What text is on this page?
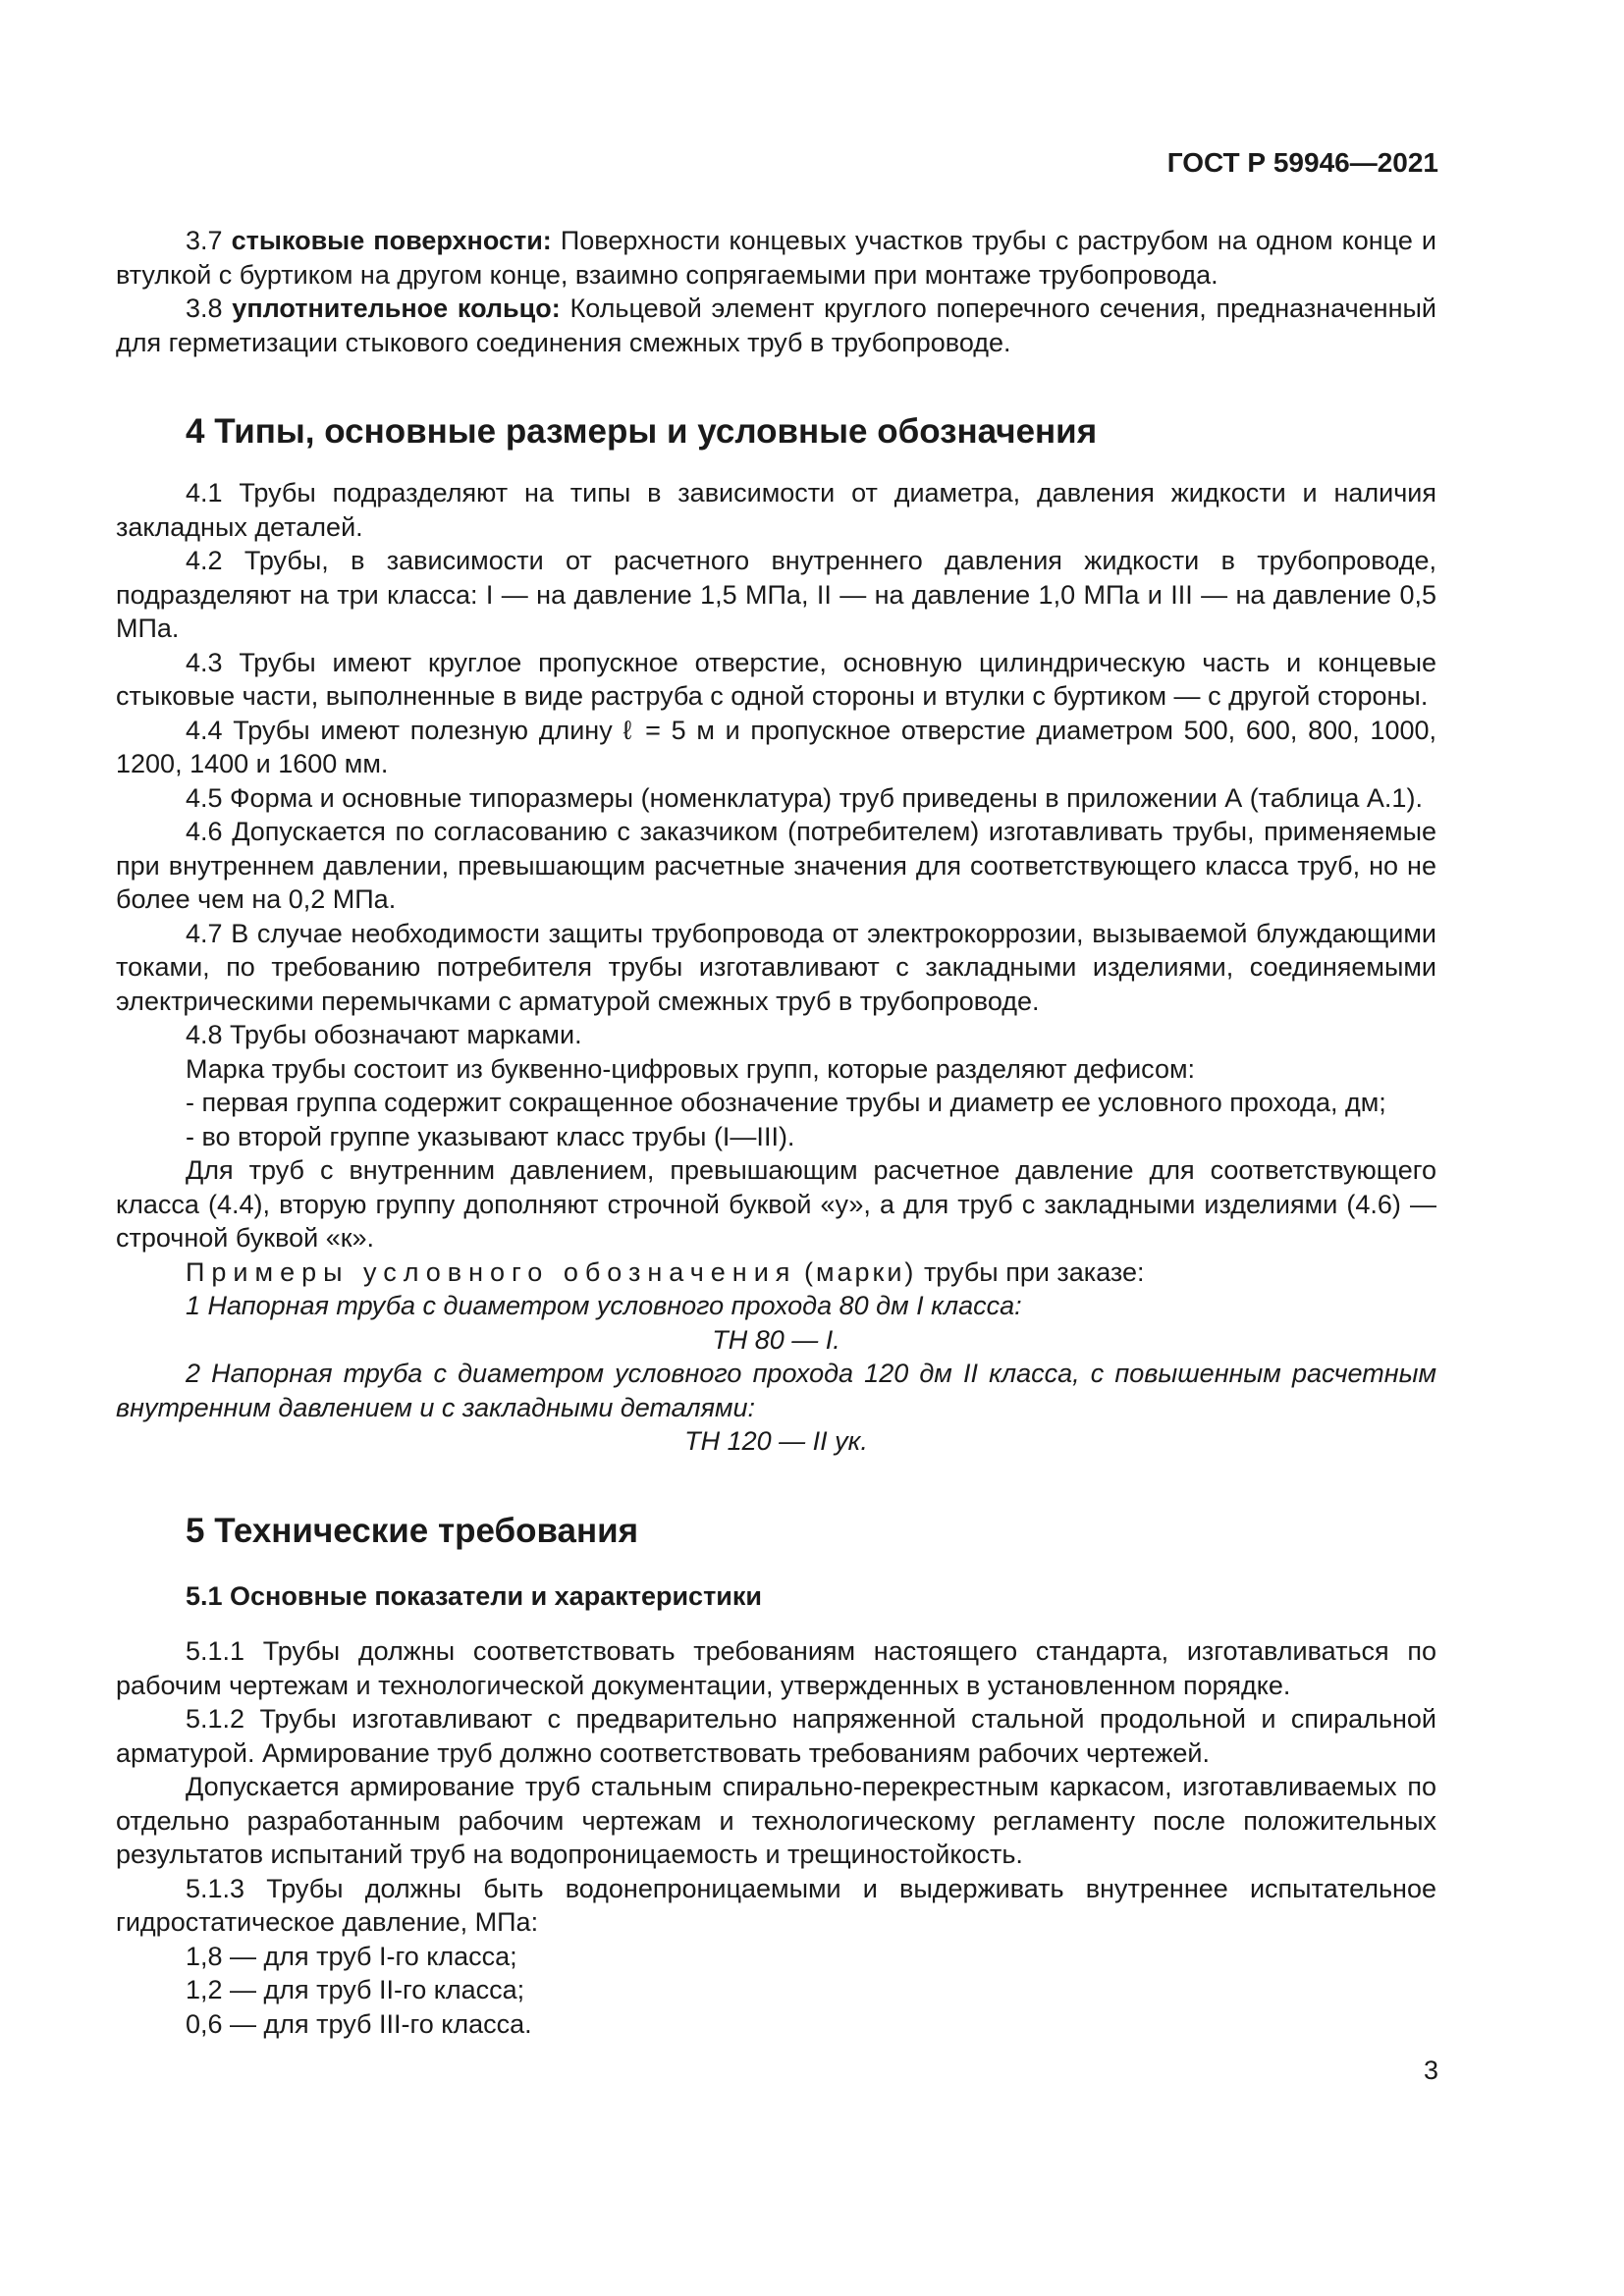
ГОСТ Р 59946—2021

3.7 стыковые поверхности: Поверхности концевых участков трубы с раструбом на одном конце и втулкой с буртиком на другом конце, взаимно сопрягаемыми при монтаже трубопровода.

3.8 уплотнительное кольцо: Кольцевой элемент круглого поперечного сечения, предназначенный для герметизации стыкового соединения смежных труб в трубопроводе.

4 Типы, основные размеры и условные обозначения

4.1 Трубы подразделяют на типы в зависимости от диаметра, давления жидкости и наличия закладных деталей.

4.2 Трубы, в зависимости от расчетного внутреннего давления жидкости в трубопроводе, подразделяют на три класса: I — на давление 1,5 МПа, II — на давление 1,0 МПа и III — на давление 0,5 МПа.

4.3 Трубы имеют круглое пропускное отверстие, основную цилиндрическую часть и концевые стыковые части, выполненные в виде раструба с одной стороны и втулки с буртиком — с другой стороны.

4.4 Трубы имеют полезную длину ℓ = 5 м и пропускное отверстие диаметром 500, 600, 800, 1000, 1200, 1400 и 1600 мм.

4.5 Форма и основные типоразмеры (номенклатура) труб приведены в приложении А (таблица А.1).

4.6 Допускается по согласованию с заказчиком (потребителем) изготавливать трубы, применяемые при внутреннем давлении, превышающим расчетные значения для соответствующего класса труб, но не более чем на 0,2 МПа.

4.7 В случае необходимости защиты трубопровода от электрокоррозии, вызываемой блуждающими токами, по требованию потребителя трубы изготавливают с закладными изделиями, соединяемыми электрическими перемычками с арматурой смежных труб в трубопроводе.

4.8 Трубы обозначают марками.

Марка трубы состоит из буквенно-цифровых групп, которые разделяют дефисом:

- первая группа содержит сокращенное обозначение трубы и диаметр ее условного прохода, дм;

- во второй группе указывают класс трубы (I—III).

Для труб с внутренним давлением, превышающим расчетное давление для соответствующего класса (4.4), вторую группу дополняют строчной буквой «у», а для труб с закладными изделиями (4.6) — строчной буквой «к».

Примеры условного обозначения (марки) трубы при заказе:

1 Напорная труба с диаметром условного прохода 80 дм I класса:

ТН 80 — I.

2 Напорная труба с диаметром условного прохода 120 дм II класса, с повышенным расчетным внутренним давлением и с закладными деталями:

ТН 120 — II ук.

5 Технические требования
5.1 Основные показатели и характеристики

5.1.1 Трубы должны соответствовать требованиям настоящего стандарта, изготавливаться по рабочим чертежам и технологической документации, утвержденных в установленном порядке.

5.1.2 Трубы изготавливают с предварительно напряженной стальной продольной и спиральной арматурой. Армирование труб должно соответствовать требованиям рабочих чертежей.

Допускается армирование труб стальным спирально-перекрестным каркасом, изготавливаемых по отдельно разработанным рабочим чертежам и технологическому регламенту после положительных результатов испытаний труб на водопроницаемость и трещиностойкость.

5.1.3 Трубы должны быть водонепроницаемыми и выдерживать внутреннее испытательное гидростатическое давление, МПа:

1,8 — для труб I-го класса;

1,2 — для труб II-го класса;

0,6 — для труб III-го класса.

3
